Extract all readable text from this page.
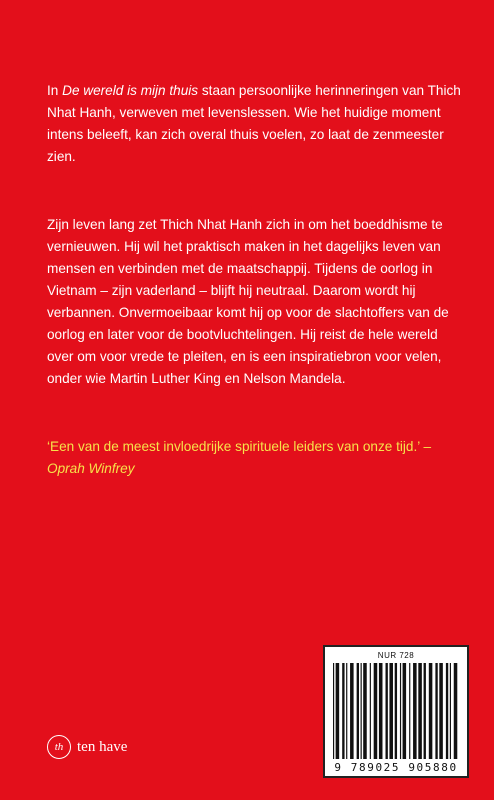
In De wereld is mijn thuis staan persoonlijke herinneringen van Thich Nhat Hanh, verweven met levenslessen. Wie het huidige moment intens beleeft, kan zich overal thuis voelen, zo laat de zenmeester zien.
Zijn leven lang zet Thich Nhat Hanh zich in om het boeddhisme te vernieuwen. Hij wil het praktisch maken in het dagelijks leven van mensen en verbinden met de maatschappij. Tijdens de oorlog in Vietnam – zijn vaderland – blijft hij neutraal. Daarom wordt hij verbannen. Onvermoeibaar komt hij op voor de slachtoffers van de oorlog en later voor de bootvluchtelingen. Hij reist de hele wereld over om voor vrede te pleiten, en is een inspiratiebron voor velen, onder wie Martin Luther King en Nelson Mandela.
‘Een van de meest invloedrijke spirituele leiders van onze tijd.’ –
Oprah Winfrey
NUR 728
9 789025 905880
th ten have
